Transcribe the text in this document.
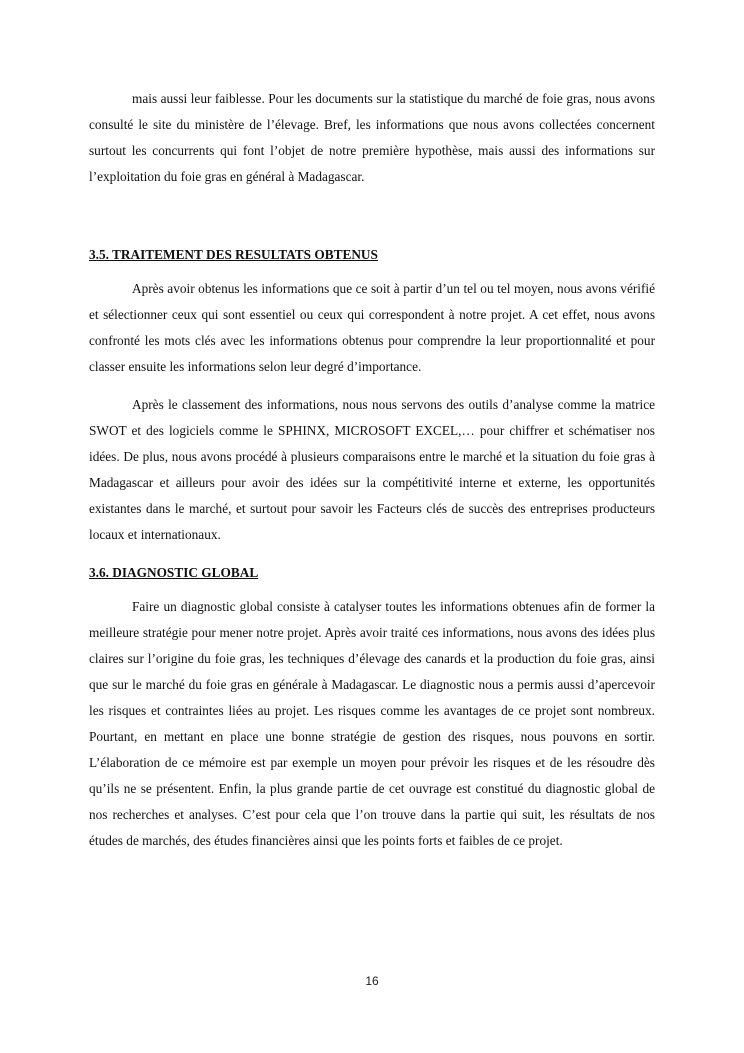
mais aussi leur faiblesse. Pour les documents sur la statistique du marché de foie gras, nous avons consulté le site du ministère de l’élevage. Bref, les informations que nous avons collectées concernent surtout les concurrents qui font l’objet de notre première hypothèse, mais aussi des informations sur l’exploitation du foie gras en général à Madagascar.

3.5. TRAITEMENT DES RESULTATS OBTENUS

Après avoir obtenus les informations que ce soit à partir d’un tel ou tel moyen, nous avons vérifié et sélectionner ceux qui sont essentiel ou ceux qui correspondent à notre projet. A cet effet, nous avons confronté les mots clés avec les informations obtenus pour comprendre la leur proportionnalité et pour classer ensuite les informations selon leur degré d’importance.

Après le classement des informations, nous nous servons des outils d’analyse comme la matrice SWOT et des logiciels comme le SPHINX, MICROSOFT EXCEL,… pour chiffrer et schématiser nos idées. De plus, nous avons procédé à plusieurs comparaisons entre le marché et la situation du foie gras à Madagascar et ailleurs pour avoir des idées sur la compétitivité interne et externe, les opportunités existantes dans le marché, et surtout pour savoir les Facteurs clés de succès des entreprises producteurs locaux et internationaux.

3.6. DIAGNOSTIC GLOBAL

Faire un diagnostic global consiste à catalyser toutes les informations obtenues afin de former la meilleure stratégie pour mener notre projet. Après avoir traité ces informations, nous avons des idées plus claires sur l’origine du foie gras, les techniques d’élevage des canards et la production du foie gras, ainsi que sur le marché du foie gras en générale à Madagascar. Le diagnostic nous a permis aussi d’apercevoir les risques et contraintes liées au projet. Les risques comme les avantages de ce projet sont nombreux. Pourtant, en mettant en place une bonne stratégie de gestion des risques, nous pouvons en sortir. L’élaboration de ce mémoire est par exemple un moyen pour prévoir les risques et de les résoudre dès qu’ils ne se présentent. Enfin, la plus grande partie de cet ouvrage est constitué du diagnostic global de nos recherches et analyses. C’est pour cela que l’on trouve dans la partie qui suit, les résultats de nos études de marchés, des études financières ainsi que les points forts et faibles de ce projet.

16
